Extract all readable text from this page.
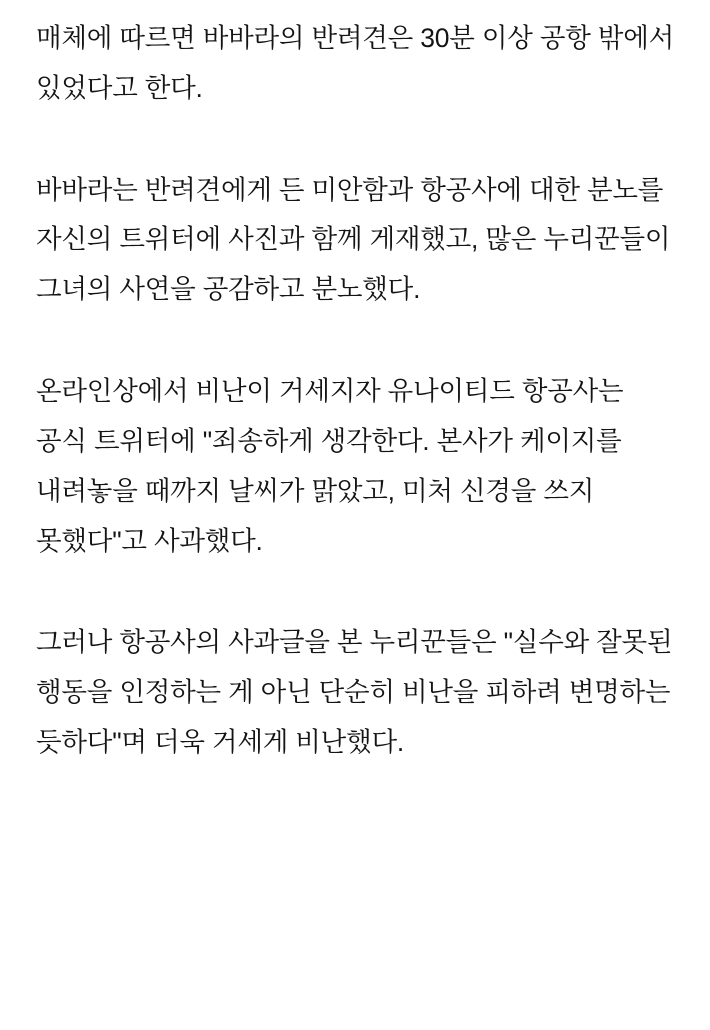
매체에 따르면 바바라의 반려견은 30분 이상 공항 밖에서 있었다고 한다.

바바라는 반려견에게 든 미안함과 항공사에 대한 분노를 자신의 트위터에 사진과 함께 게재했고, 많은 누리꾼들이 그녀의 사연을 공감하고 분노했다.

온라인상에서 비난이 거세지자 유나이티드 항공사는 공식 트위터에 "죄송하게 생각한다. 본사가 케이지를 내려놓을 때까지 날씨가 맑았고, 미처 신경을 쓰지 못했다"고 사과했다.

그러나 항공사의 사과글을 본 누리꾼들은 "실수와 잘못된 행동을 인정하는 게 아닌 단순히 비난을 피하려 변명하는 듯하다"며 더욱 거세게 비난했다.
